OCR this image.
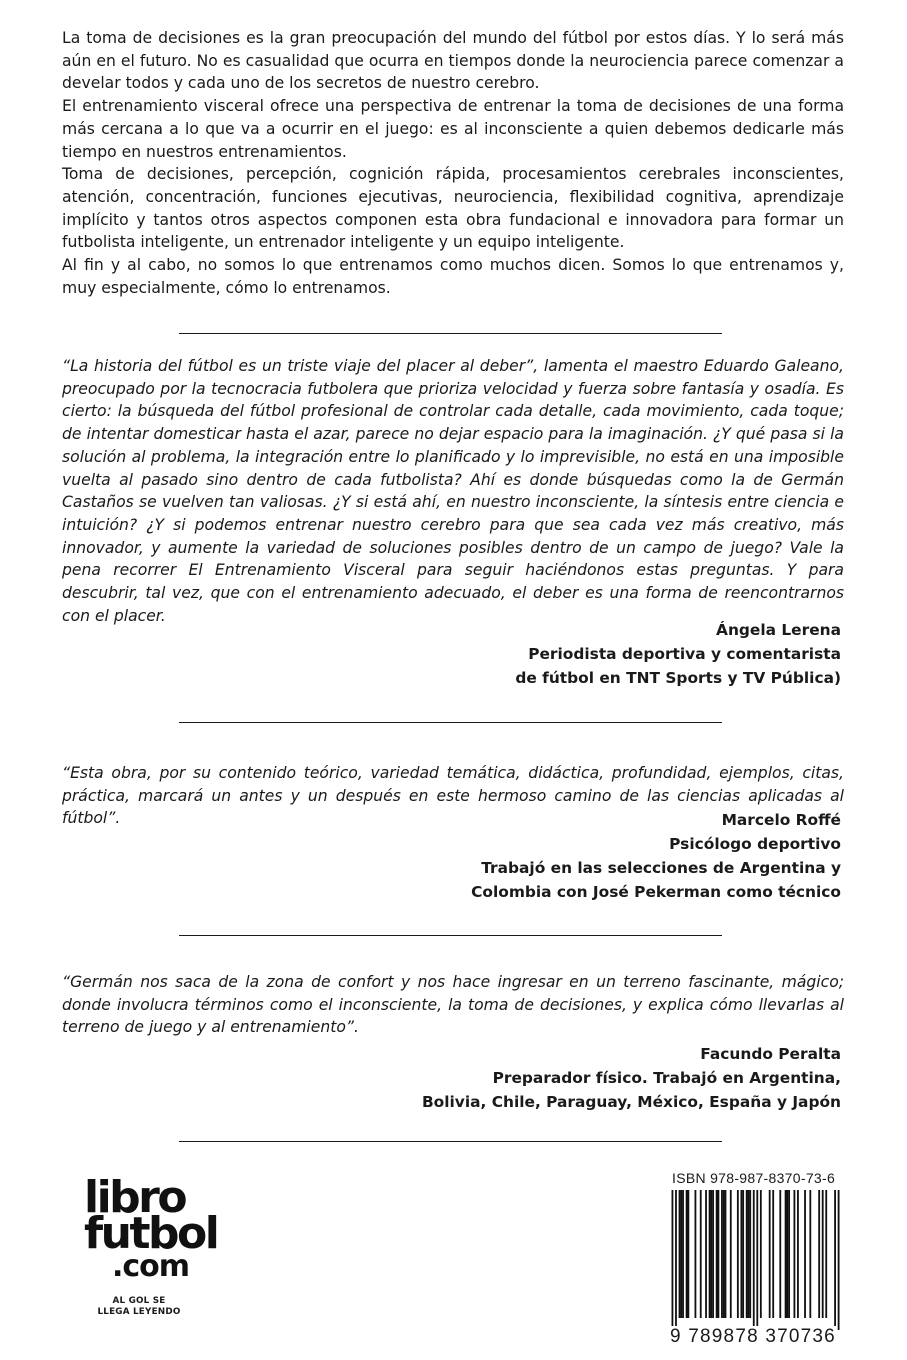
La toma de decisiones es la gran preocupación del mundo del fútbol por estos días. Y lo será más aún en el futuro. No es casualidad que ocurra en tiempos donde la neurociencia parece comenzar a develar todos y cada uno de los secretos de nuestro cerebro.

El entrenamiento visceral ofrece una perspectiva de entrenar la toma de decisiones de una forma más cercana a lo que va a ocurrir en el juego: es al inconsciente a quien debemos dedicarle más tiempo en nuestros entrenamientos.

Toma de decisiones, percepción, cognición rápida, procesamientos cerebrales inconscientes, atención, concentración, funciones ejecutivas, neurociencia, flexibilidad cognitiva, aprendizaje implícito y tantos otros aspectos componen esta obra fundacional e innovadora para formar un futbolista inteligente, un entrenador inteligente y un equipo inteligente.

Al fin y al cabo, no somos lo que entrenamos como muchos dicen. Somos lo que entrenamos y, muy especialmente, cómo lo entrenamos.

“La historia del fútbol es un triste viaje del placer al deber”, lamenta el maestro Eduardo Galeano, preocupado por la tecnocracia futbolera que prioriza velocidad y fuerza sobre fantasía y osadía. Es cierto: la búsqueda del fútbol profesional de controlar cada detalle, cada movimiento, cada toque; de intentar domesticar hasta el azar, parece no dejar espacio para la imaginación. ¿Y qué pasa si la solución al problema, la integración entre lo planificado y lo imprevisible, no está en una imposible vuelta al pasado sino dentro de cada futbolista? Ahí es donde búsquedas como la de Germán Castaños se vuelven tan valiosas. ¿Y si está ahí, en nuestro inconsciente, la síntesis entre ciencia e intuición? ¿Y si podemos entrenar nuestro cerebro para que sea cada vez más creativo, más innovador, y aumente la variedad de soluciones posibles dentro de un campo de juego? Vale la pena recorrer El Entrenamiento Visceral para seguir haciéndonos estas preguntas. Y para descubrir, tal vez, que con el entrenamiento adecuado, el deber es una forma de reencontrarnos con el placer.

Ángela Lerena
Periodista deportiva y comentarista
de fútbol en TNT Sports y TV Pública)

“Esta obra, por su contenido teórico, variedad temática, didáctica, profundidad, ejemplos, citas, práctica, marcará un antes y un después en este hermoso camino de las ciencias aplicadas al fútbol”.	Marcelo Roffé
Psicólogo deportivo
Trabajó en las selecciones de Argentina y
Colombia con José Pekerman como técnico

“Germán nos saca de la zona de confort y nos hace ingresar en un terreno fascinante, mágico; donde involucra términos como el inconsciente, la toma de decisiones, y explica cómo llevarlas al terreno de juego y al entrenamiento”.

Facundo Peralta
Preparador físico. Trabajó en Argentina,
Bolivia, Chile, Paraguay, México, España y Japón
libro
futbol
.com
AL GOL SE
LLEGA LEYENDO
ISBN 978-987-8370-73-6
9 789878 370736
